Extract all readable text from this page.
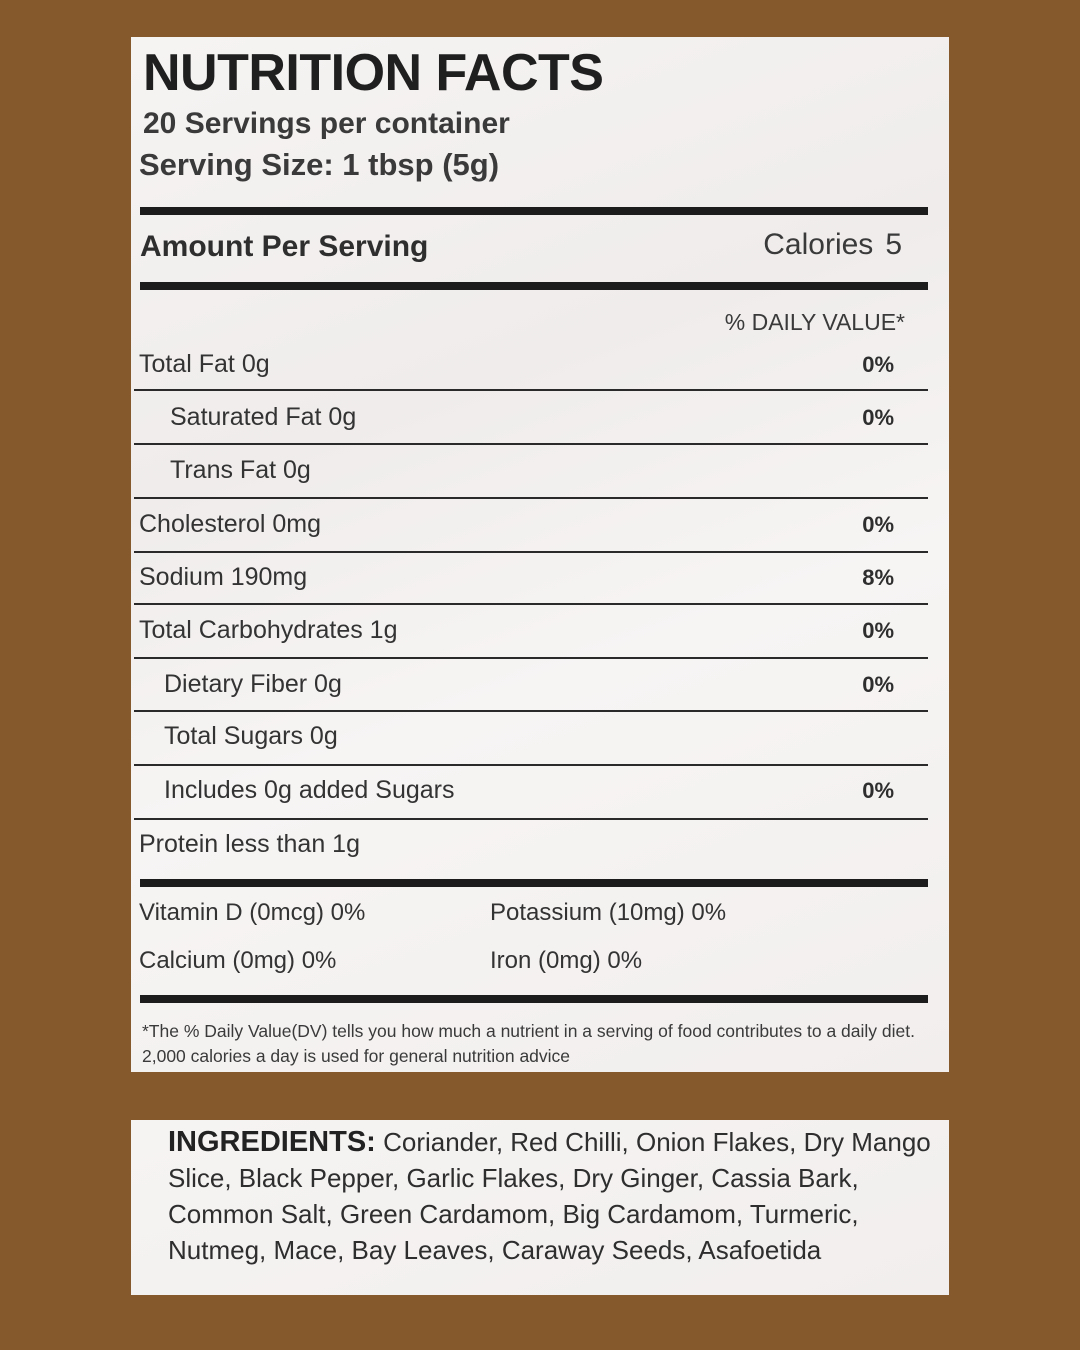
NUTRITION FACTS
20 Servings per container
Serving Size: 1 tbsp (5g)
Amount Per Serving	Calories 5
% DAILY VALUE*
Total Fat 0g	0%
Saturated Fat 0g	0%
Trans Fat 0g
Cholesterol 0mg	0%
Sodium 190mg	8%
Total Carbohydrates 1g	0%
Dietary Fiber 0g	0%
Total Sugars 0g
Includes 0g added Sugars	0%
Protein less than 1g
Vitamin D (0mcg) 0%	Potassium (10mg) 0%
Calcium (0mg) 0%	Iron (0mg) 0%
*The % Daily Value(DV) tells you how much a nutrient in a serving of food contributes to a daily diet. 2,000 calories a day is used for general nutrition advice
INGREDIENTS: Coriander, Red Chilli, Onion Flakes, Dry Mango Slice, Black Pepper, Garlic Flakes, Dry Ginger, Cassia Bark, Common Salt, Green Cardamom, Big Cardamom, Turmeric, Nutmeg, Mace, Bay Leaves, Caraway Seeds, Asafoetida
